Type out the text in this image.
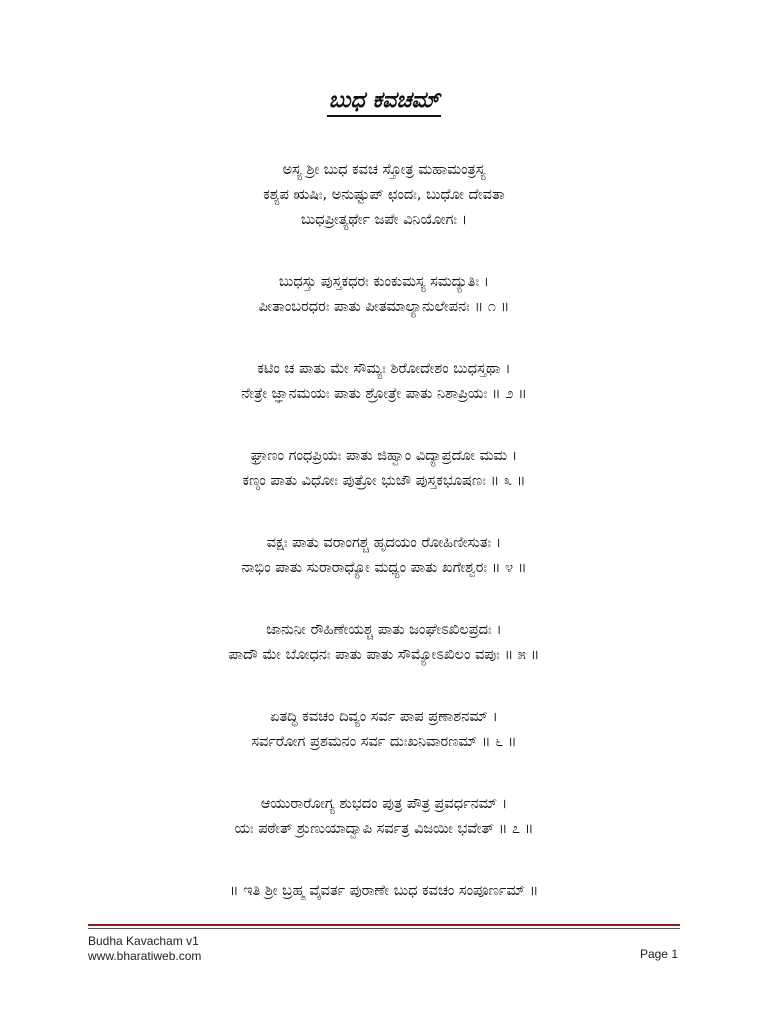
ಬುಧ ಕವಚಮ್
ಅಸ್ಯ ಶ್ರೀ ಬುಧ ಕವಚ ಸ್ತೋತ್ರ ಮಹಾಮಂತ್ರಸ್ಯ
ಕಶ್ಯಪ ಋಷಿಃ, ಅನುಷ್ಟುಪ್ ಛಂದಃ, ಬುಧೋ ದೇವತಾ
ಬುಧಪ್ರೀತ್ಯರ್ಥೇ ಜಪೇ ವಿನಿಯೋಗಃ ।
ಬುಧಸ್ತು ಪುಸ್ತಕಧರಃ ಕುಂಕುಮಸ್ಯ ಸಮದ್ಯುತಿಃ ।
ಪೀತಾಂಬರಧರಃ ಪಾತು ಪೀತಮಾಲ್ಯಾನುಲೇಪನಃ ॥ ೧ ॥
ಕಟಿಂ ಚ ಪಾತು ಮೇ ಸೌಮ್ಯಃ ಶಿರೋದೇಶಂ ಬುಧಸ್ತಥಾ ।
ನೇತ್ರೇ ಜ್ಞಾನಮಯಃ ಪಾತು ಶ್ರೋತ್ರೇ ಪಾತು ನಿಶಾಪ್ರಿಯಃ ॥ ೨ ॥
ಘ್ರಾಣಂ ಗಂಧಪ್ರಿಯಃ ಪಾತು ಜಿಹ್ವಾಂ ವಿದ್ಯಾಪ್ರದೋ ಮಮ ।
ಕಣ್ಠಂ ಪಾತು ವಿಧೋಃ ಪುತ್ರೋ ಭುಜೌ ಪುಸ್ತಕಭೂಷಣಃ ॥ ೩ ॥
ವಕ್ಷಃ ಪಾತು ವರಾಂಗಶ್ಚ ಹೃದಯಂ ರೋಹಿಣೀಸುತಃ ।
ನಾಭಿಂ ಪಾತು ಸುರಾರಾಧ್ಯೋ ಮಧ್ಯಂ ಪಾತು ಖಗೇಶ್ವರಃ ॥ ೪ ॥
ಜಾನುನೀ ರೌಹಿಣೇಯಶ್ಚ ಪಾತು ಜಂಘೇಽಖಿಲಪ್ರದಃ ।
ಪಾದೌ ಮೇ ಬೋಧನಃ ಪಾತು ಪಾತು ಸೌಮ್ಯೋಽಖಿಲಂ ವಪುಃ ॥ ೫ ॥
ಏತದ್ಧಿ ಕವಚಂ ದಿವ್ಯಂ ಸರ್ವ ಪಾಪ ಪ್ರಣಾಶನಮ್ ।
ಸರ್ವರೋಗ ಪ್ರಶಮನಂ ಸರ್ವ ದುಃಖನಿವಾರಣಮ್ ॥ ೬ ॥
ಆಯುರಾರೋಗ್ಯ ಶುಭದಂ ಪುತ್ರ ಪೌತ್ರ ಪ್ರವರ್ಧನಮ್ ।
ಯಃ ಪಠೇತ್ ಶ್ರುಣುಯಾದ್ವಾಪಿ ಸರ್ವತ್ರ ವಿಜಯೀ ಭವೇತ್ ॥ ೭ ॥
॥ ಇತಿ ಶ್ರೀ ಬ್ರಹ್ಮ ವೈವರ್ತ ಪುರಾಣೇ ಬುಧ ಕವಚಂ ಸಂಪೂರ್ಣಮ್ ॥
Budha Kavacham v1
www.bharatiweb.com	Page 1
